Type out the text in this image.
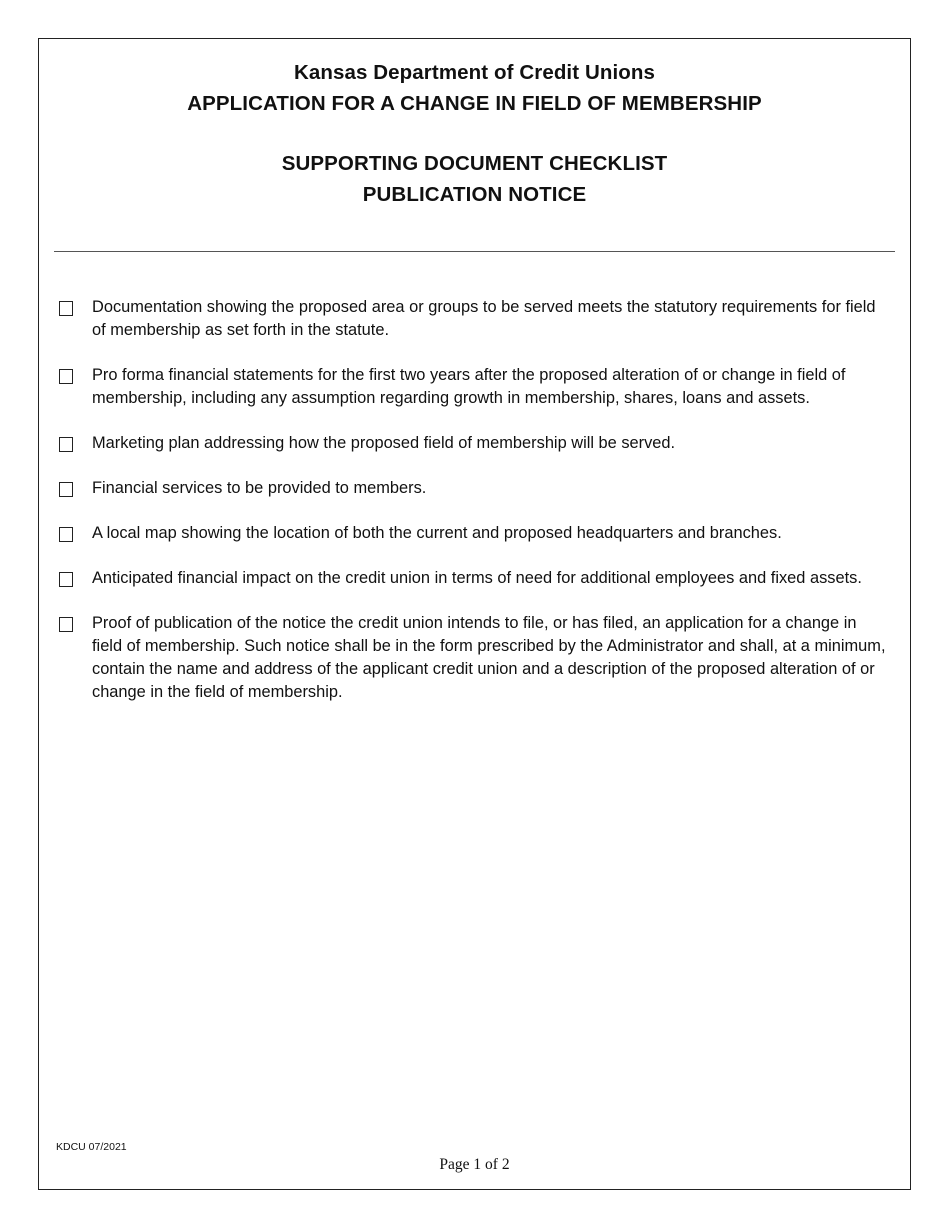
Kansas Department of Credit Unions
APPLICATION FOR A CHANGE IN FIELD OF MEMBERSHIP
SUPPORTING DOCUMENT CHECKLIST
PUBLICATION NOTICE
Documentation showing the proposed area or groups to be served meets the statutory requirements for field of membership as set forth in the statute.
Pro forma financial statements for the first two years after the proposed alteration of or change in field of membership, including any assumption regarding growth in membership, shares, loans and assets.
Marketing plan addressing how the proposed field of membership will be served.
Financial services to be provided to members.
A local map showing the location of both the current and proposed headquarters and branches.
Anticipated financial impact on the credit union in terms of need for additional employees and fixed assets.
Proof of publication of the notice the credit union intends to file, or has filed, an application for a change in field of membership. Such notice shall be in the form prescribed by the Administrator and shall, at a minimum, contain the name and address of the applicant credit union and a description of the proposed alteration of or change in the field of membership.
KDCU 07/2021
Page 1 of 2
